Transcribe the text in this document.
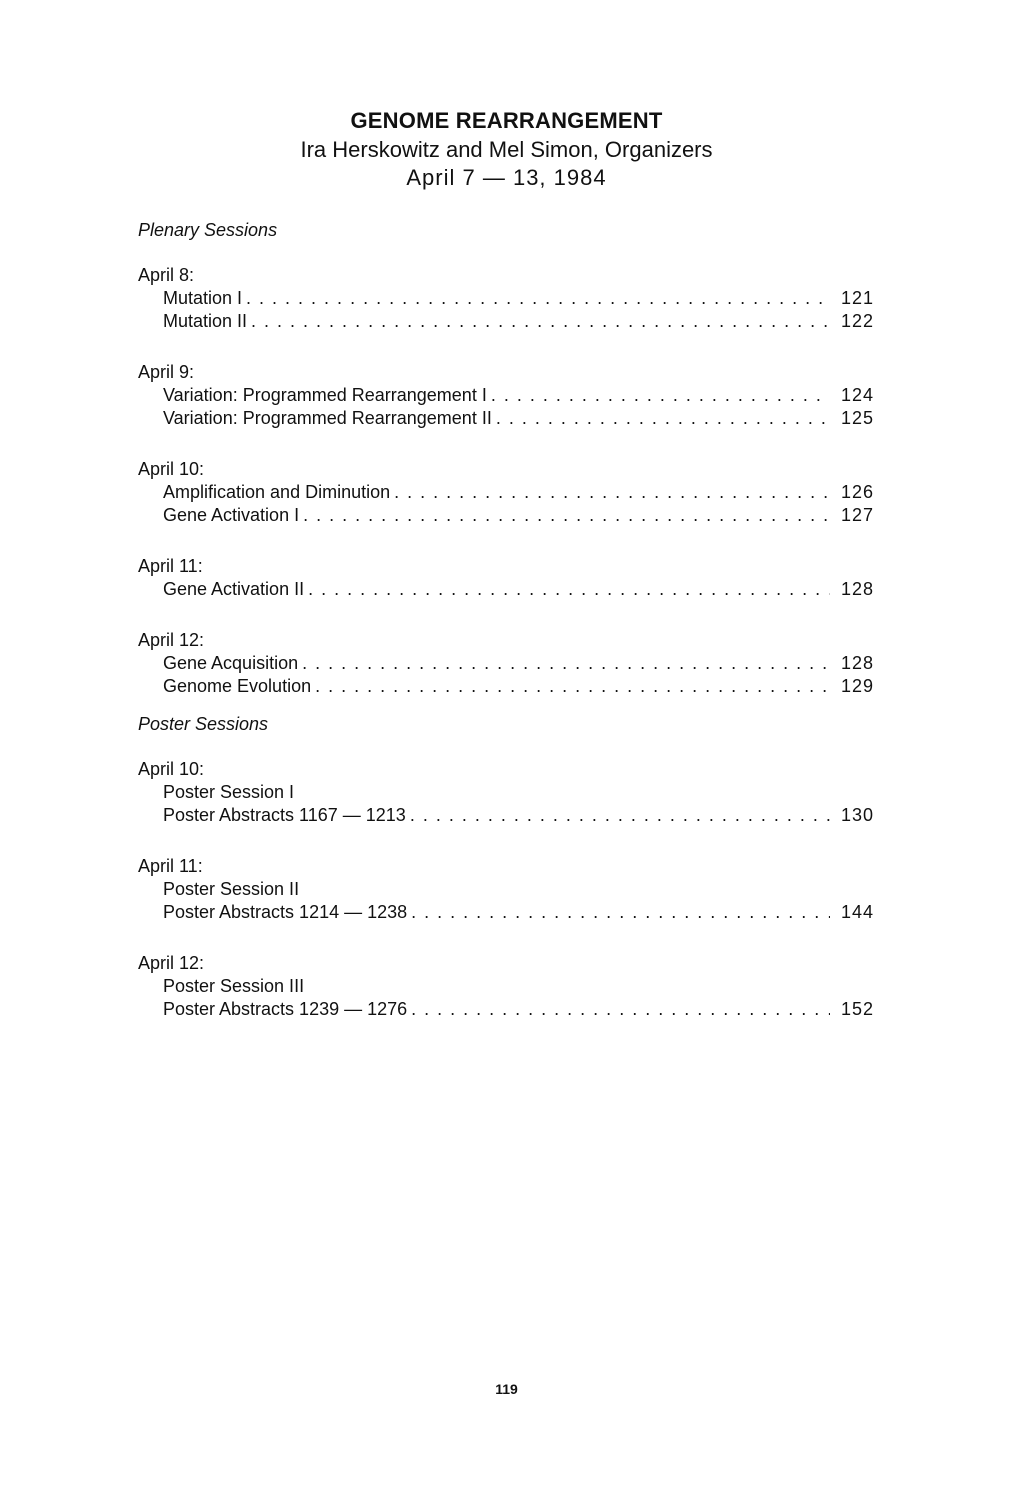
GENOME REARRANGEMENT
Ira Herskowitz and Mel Simon, Organizers
April 7 — 13, 1984
Plenary Sessions
April 8:
Mutation I . . .	121
Mutation II . . .	122
April 9:
Variation: Programmed Rearrangement I . . .	124
Variation: Programmed Rearrangement II . . .	125
April 10:
Amplification and Diminution . . .	126
Gene Activation I . . .	127
April 11:
Gene Activation II . . .	128
April 12:
Gene Acquisition . . .	128
Genome Evolution . . .	129
Poster Sessions
April 10:
Poster Session I
Poster Abstracts 1167 — 1213 . . .	130
April 11:
Poster Session II
Poster Abstracts 1214 — 1238 . . .	144
April 12:
Poster Session III
Poster Abstracts 1239 — 1276 . . .	152
119
